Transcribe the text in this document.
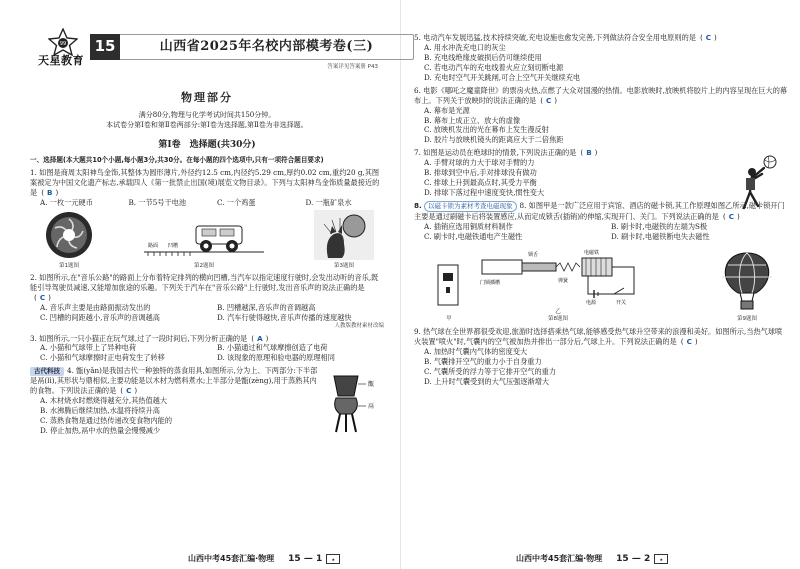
99
天星教育
15	山西省2025年名校内部模考卷(三)
答案详见答案册 P43
物理部分
满分80分,物理与化学考试时间共150分钟。
本试卷分第Ⅰ卷和第Ⅱ卷两部分:第Ⅰ卷为选择题,第Ⅱ卷为非选择题。
第Ⅰ卷　选择题(共30分)
一、选择题(本大题共10个小题,每小题3分,共30分。在每小题的四个选项中,只有一项符合题目要求)
1. 如图是商周太阳神鸟金饰,其整体为圆形薄片,外径约12.5 cm,内径约5.29 cm,厚约0.02 cm,重约20 g,其图案被定为中国文化遗产标志,承载四人《第一批禁止出国(境)展览文物目录》。下列与太阳神鸟金饰质量最接近的是 ( B )
A. 一枚一元硬币	B. 一节5号干电池	C. 一个鸡蛋	D. 一瓶矿泉水
第1题图
路面 凹槽
第2题图	第3题图
2. 如图所示,在"音乐公路"的路面上分布着特定排列的横向凹槽,当汽车以指定速度行驶时,会发出动听的音乐,既能引导驾驶员减速,又能增加旅途的乐趣。下列关于汽车在"音乐公路"上行驶时,发出音乐声的说法正确的是( C )
A. 音乐声主要是由路面振动发出的	B. 凹槽越深,音乐声的音调越高
C. 凹槽的间距越小,音乐声的音调越高	D. 汽车行驶得越快,音乐声传播的速度越快
人教版教材素材改编
3. 如图所示,一只小猫正在玩气球,过了一段时间后,下列分析正确的是 ( A )
A. 小猫和气球带上了异种电荷	B. 小猫通过和气球摩擦创造了电荷
C. 小猫和气球摩擦时正电荷发生了转移	D. 该现象的原理和验电器的原理相同
古代科技 4. 甑(yǎn)是我国古代一种独特的蒸食用具,如图所示,分为上、下两部分:下半部是鬲(lì),其形状与鼎相似,主要功能是以木材为燃料煮水;上半部分是甑(zèng),用于蒸熟其内的食物。下列说法正确的是 ( C )
A. 木材烧水时燃烧得越充分,其热值越大
B. 水沸腾后继续加热,水温将持续升高
C. 蒸熟食物是通过热传递改变食物内能的
D. 停止加热,鬲中水的热量会慢慢减少
甑
鬲
山西中考45套汇编·物理 15 — 1	★
5. 电动汽车发展迅猛,技术持续突破,充电设施也愈发完善,下列做法符合安全用电原则的是 ( C )
A. 用水冲洗充电口的灰尘
B. 充电线绝缘皮破损后仍可继续使用
C. 若电动汽车的充电线着火应立刻切断电源
D. 充电时空气开关跳闸,可合上空气开关继续充电
6. 电影《哪吒之魔童降世》的票房火热,点燃了大众对国漫的热情。电影放映时,放映机将胶片上的内容呈现在巨大的幕布上。下列关于放映时的说法正确的是 ( C )
A. 幕布是光源
B. 幕布上成正立、放大的虚像
C. 放映机发出的光在幕布上发生漫反射
D. 胶片与放映机镜头的距离应大于二倍焦距
7. 如图是运动员在绝球时的情景,下列说法正确的是 ( B )
A. 手臂对球的力大于球对手臂的力
B. 排球到空中后,手对排球没有做功
C. 排球上升到最高点时,其受力平衡
D. 排球下落过程中速度变快,惯性变大
8. 以磁卡锁为素材考查电磁现象 8. 如图甲是一款广泛应用于宾馆、酒店的磁卡锁,其工作原理如图乙所示,磁卡锁开门主要是通过刷磁卡后将装置感应,从而定成锁舌(插销)的伸缩,实现开门、关门。下列说法正确的是 ( C )
A. 插销应选用铜质材料制作	B. 刷卡时,电磁铁的左端为S极
C. 刷卡时,电磁铁通电产生磁性	D. 刷卡时,电磁铁断电失去磁性
甲
锁舌
门锁插槽	弹簧
电磁铁
电源	开关
乙
第8题图	第9题图
9. 热气球在全世界都很受欢迎,旅游时选择搭乘热气球,能够感受热气球升空带来的浪漫和美好。如图所示,当热气球喷火装置"喷火"时,气囊内的空气被加热并排出一部分后,气球上升。下列说法正确的是 ( C )
A. 加热时气囊内气体的密度变大
B. 气囊排开空气的重力小于自身重力
C. 气囊所受的浮力等于它排开空气的重力
D. 上升时气囊受到的大气压强逐渐增大
山西中考45套汇编·物理 15 — 2	★
